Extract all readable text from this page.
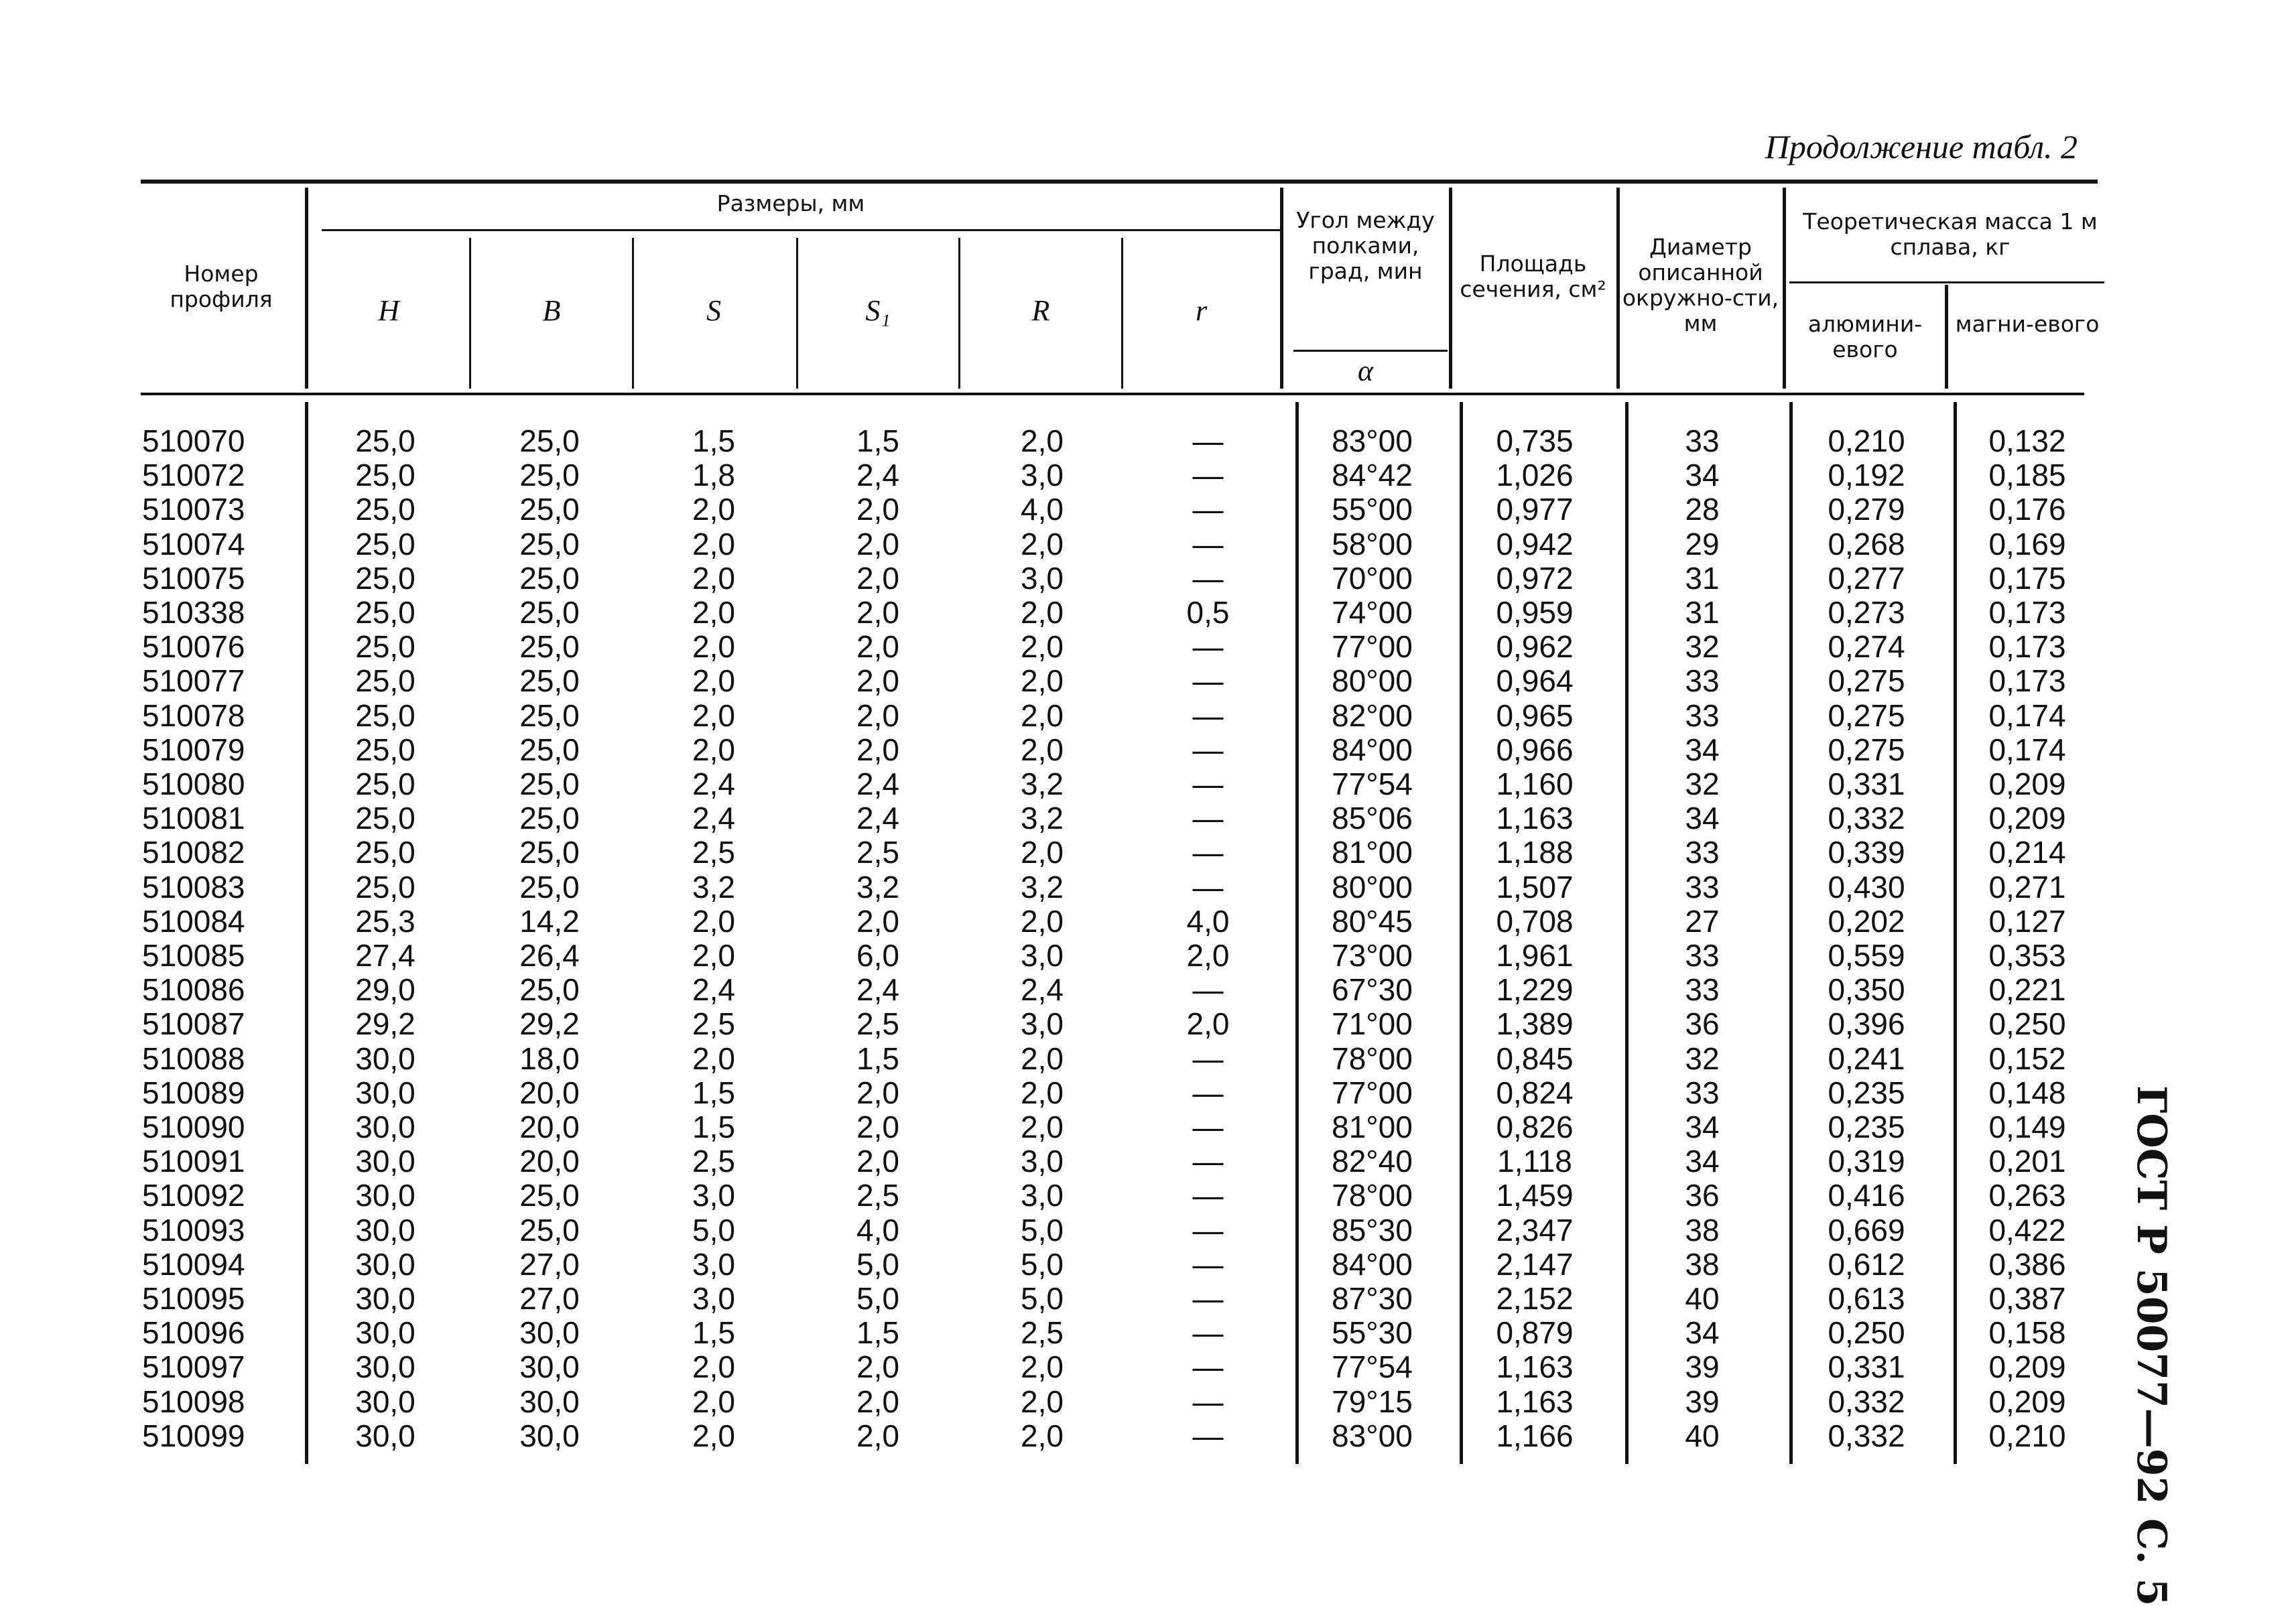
Продолжение табл. 2
ГОСТ Р 50077—92 С. 5
Номер профиля
Размеры, мм
H	B	S	S₁	R	r
Угол между полками, град, мин
α
Площадь сечения, см²
Диаметр описанной окружно-сти, мм
Теоретическая масса 1 м сплава, кг
алюмини-евого
магни-евого
510070	25,0	25,0	1,5	1,5	2,0	—	83°00	0,735	33	0,210	0,132
510072	25,0	25,0	1,8	2,4	3,0	—	84°42	1,026	34	0,192	0,185
510073	25,0	25,0	2,0	2,0	4,0	—	55°00	0,977	28	0,279	0,176
510074	25,0	25,0	2,0	2,0	2,0	—	58°00	0,942	29	0,268	0,169
510075	25,0	25,0	2,0	2,0	3,0	—	70°00	0,972	31	0,277	0,175
510338	25,0	25,0	2,0	2,0	2,0	0,5	74°00	0,959	31	0,273	0,173
510076	25,0	25,0	2,0	2,0	2,0	—	77°00	0,962	32	0,274	0,173
510077	25,0	25,0	2,0	2,0	2,0	—	80°00	0,964	33	0,275	0,173
510078	25,0	25,0	2,0	2,0	2,0	—	82°00	0,965	33	0,275	0,174
510079	25,0	25,0	2,0	2,0	2,0	—	84°00	0,966	34	0,275	0,174
510080	25,0	25,0	2,4	2,4	3,2	—	77°54	1,160	32	0,331	0,209
510081	25,0	25,0	2,4	2,4	3,2	—	85°06	1,163	34	0,332	0,209
510082	25,0	25,0	2,5	2,5	2,0	—	81°00	1,188	33	0,339	0,214
510083	25,0	25,0	3,2	3,2	3,2	—	80°00	1,507	33	0,430	0,271
510084	25,3	14,2	2,0	2,0	2,0	4,0	80°45	0,708	27	0,202	0,127
510085	27,4	26,4	2,0	6,0	3,0	2,0	73°00	1,961	33	0,559	0,353
510086	29,0	25,0	2,4	2,4	2,4	—	67°30	1,229	33	0,350	0,221
510087	29,2	29,2	2,5	2,5	3,0	2,0	71°00	1,389	36	0,396	0,250
510088	30,0	18,0	2,0	1,5	2,0	—	78°00	0,845	32	0,241	0,152
510089	30,0	20,0	1,5	2,0	2,0	—	77°00	0,824	33	0,235	0,148
510090	30,0	20,0	1,5	2,0	2,0	—	81°00	0,826	34	0,235	0,149
510091	30,0	20,0	2,5	2,0	3,0	—	82°40	1,118	34	0,319	0,201
510092	30,0	25,0	3,0	2,5	3,0	—	78°00	1,459	36	0,416	0,263
510093	30,0	25,0	5,0	4,0	5,0	—	85°30	2,347	38	0,669	0,422
510094	30,0	27,0	3,0	5,0	5,0	—	84°00	2,147	38	0,612	0,386
510095	30,0	27,0	3,0	5,0	5,0	—	87°30	2,152	40	0,613	0,387
510096	30,0	30,0	1,5	1,5	2,5	—	55°30	0,879	34	0,250	0,158
510097	30,0	30,0	2,0	2,0	2,0	—	77°54	1,163	39	0,331	0,209
510098	30,0	30,0	2,0	2,0	2,0	—	79°15	1,163	39	0,332	0,209
510099	30,0	30,0	2,0	2,0	2,0	—	83°00	1,166	40	0,332	0,210
